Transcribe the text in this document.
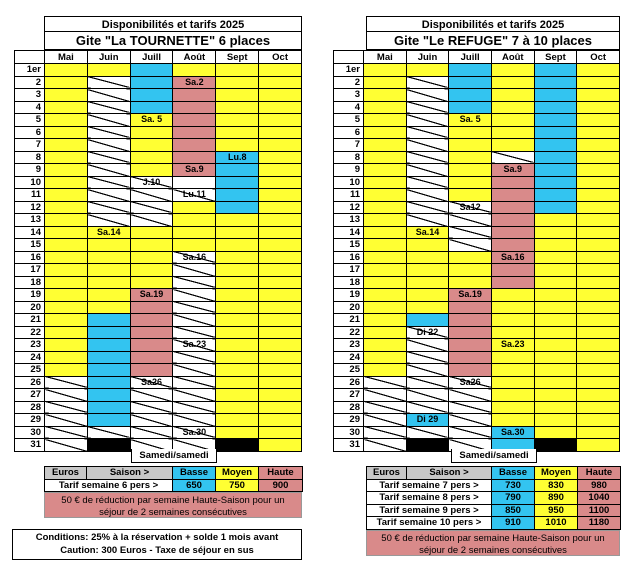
Disponibilités et tarifs 2025
Gite "La TOURNETTE" 6 places
	Mai	Juin	Juill	Août	Sept	Oct
1er						
2				Sa.2		

3						
4						
5			Sa. 5			

6						
7						
8					Lu.8	

9				Sa.9		

10			J.10			

11				Lu.11		

12						
13						
14		Sa.14				

15						
16				Sa.16		

17						
18						
19			Sa.19			

20						
21						
22						
23				Sa.23		

24						
25						
26			Sa26			

27						
28						
29						
30				Sa.30		

31						
Samedi/samedi
Disponibilités et tarifs 2025
Gite "Le REFUGE" 7 à 10 places
	Mai	Juin	Juill	Août	Sept	Oct
1er						
2						
3						
4						
5			Sa. 5			

6						
7						
8						
9				Sa.9		

10						
11						
12			Sa12			

13						
14		Sa.14				

15						
16				Sa.16		

17						
18						
19			Sa.19			

20						
21						
22		Di 22				

23				Sa.23		

24						
25						
26			Sa26			

27						
28						
29		Di 29				

30				Sa.30		

31						
Samedi/samedi
Euros	Saison >	Basse	Moyen	Haute
Tarif semaine 6 pers >		650	750	900
50 € de réduction par semaine Haute-Saison pour un séjour de 2 semaines consécutives
Conditions: 25% à la réservation + solde 1 mois avant
Caution: 300 Euros - Taxe de séjour en sus
Euros	Saison >	Basse	Moyen	Haute
Tarif semaine 7 pers >		730	830	980
Tarif semaine 8 pers >		790	890	1040
Tarif semaine 9 pers >		850	950	1100
Tarif semaine 10 pers >		910	1010	1180
50 € de réduction par semaine Haute-Saison pour un séjour de 2 semaines consécutives
